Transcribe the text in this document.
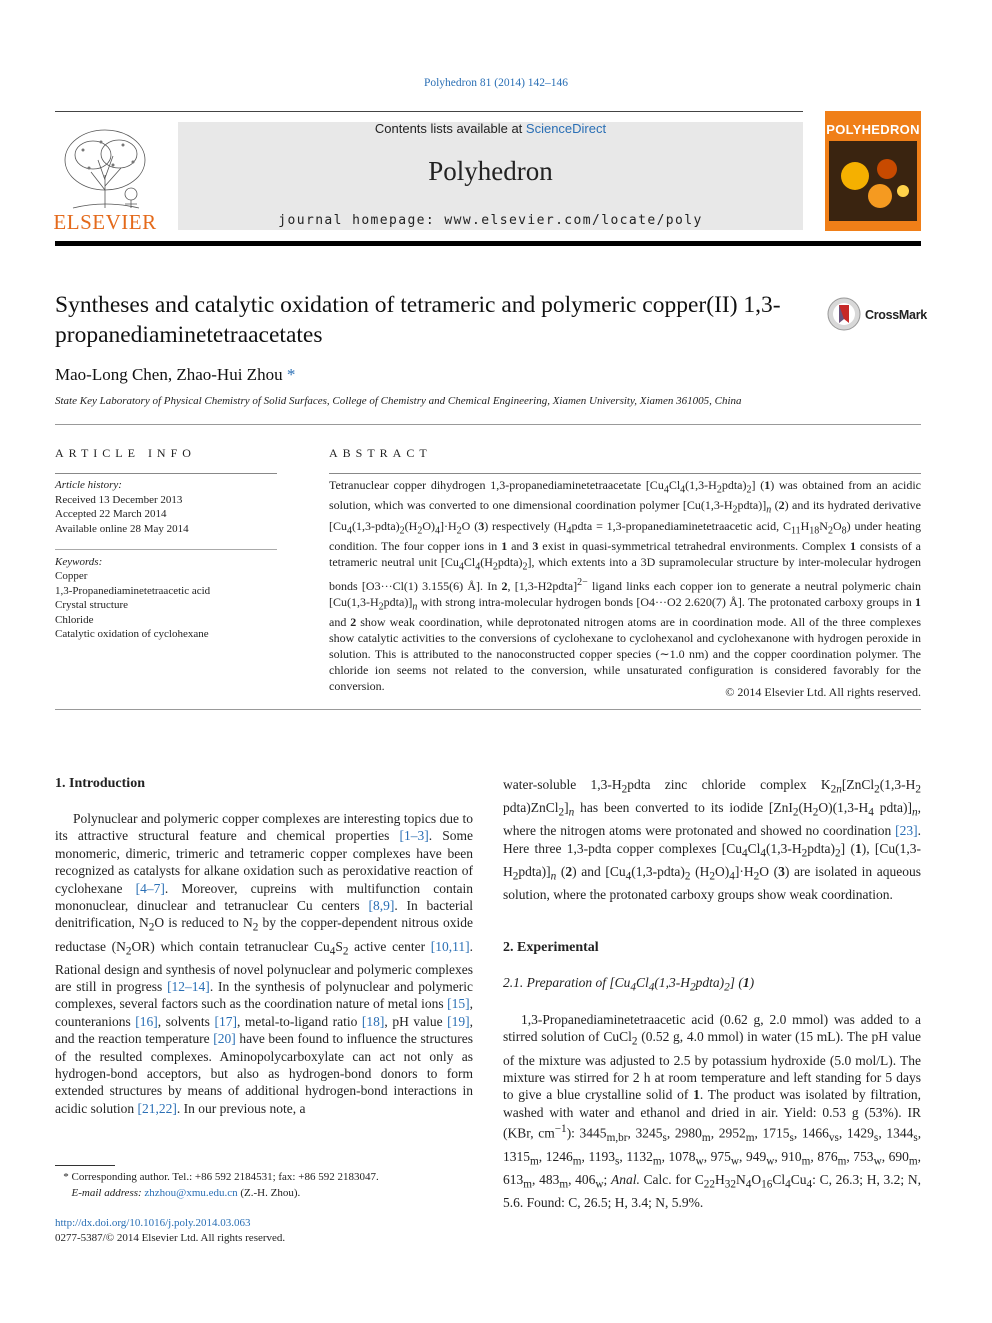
Polyhedron 81 (2014) 142–146
ELSEVIER
Contents lists available at ScienceDirect
Polyhedron
journal homepage: www.elsevier.com/locate/poly
POLYHEDRON
Syntheses and catalytic oxidation of tetrameric and polymeric copper(II) 1,3-propanediaminetetraacetates
CrossMark
Mao-Long Chen, Zhao-Hui Zhou *
State Key Laboratory of Physical Chemistry of Solid Surfaces, College of Chemistry and Chemical Engineering, Xiamen University, Xiamen 361005, China
ARTICLE INFO
Article history:
Received 13 December 2013
Accepted 22 March 2014
Available online 28 May 2014
Keywords:
Copper
1,3-Propanediaminetetraacetic acid
Crystal structure
Chloride
Catalytic oxidation of cyclohexane
ABSTRACT
Tetranuclear copper dihydrogen 1,3-propanediaminetetraacetate $[Cu_4Cl_4(1,3-H_2pdta)_2]$ (1) was obtained from an acidic solution, which was converted to one dimensional coordination polymer $[Cu(1,3-H_2pdta)]_n$ (2) and its hydrated derivative $[Cu_4(1,3-pdta)_2(H_2O)_4]\cdot H_2O$ (3) respectively ($H_4pdta$ = 1,3-propanediaminetetraacetic acid, $C_{11}H_{18}N_2O_8$) under heating condition. The four copper ions in 1 and 3 exist in quasi-symmetrical tetrahedral environments. Complex 1 consists of a tetrameric neutral unit $[Cu_4Cl_4(H_2pdta)_2]$, which extents into a 3D supramolecular structure by inter-molecular hydrogen bonds [O3···Cl(1) 3.155(6) Å]. In 2, [1,3-H2pdta]$^{2-}$ ligand links each copper ion to generate a neutral polymeric chain $[Cu(1,3-H_2pdta)]_n$ with strong intra-molecular hydrogen bonds [O4···O2 2.620(7) Å]. The protonated carboxy groups in 1 and 2 show weak coordination, while deprotonated nitrogen atoms are in coordination mode. All of the three complexes show catalytic activities to the conversions of cyclohexane to cyclohexanol and cyclohexanone with hydrogen peroxide in solution. This is attributed to the nanoconstructed copper species (∼1.0 nm) and the copper coordination polymer. The chloride ion seems not related to the conversion, while unsaturated configuration is considered favorably for the conversion.	© 2014 Elsevier Ltd. All rights reserved.
1. Introduction
Polynuclear and polymeric copper complexes are interesting topics due to its attractive structural feature and chemical properties [1–3]. Some monomeric, dimeric, trimeric and tetrameric copper complexes have been recognized as catalysts for alkane oxidation such as peroxidative reaction of cyclohexane [4–7]. Moreover, cupreins with multifunction contain mononuclear, dinuclear and tetranuclear Cu centers [8,9]. In bacterial denitrification, $N_2O$ is reduced to $N_2$ by the copper-dependent nitrous oxide reductase $(N_2OR)$ which contain tetranuclear $Cu_4S_2$ active center [10,11]. Rational design and synthesis of novel polynuclear and polymeric complexes are still in progress [12–14]. In the synthesis of polynuclear and polymeric complexes, several factors such as the coordination nature of metal ions [15], counteranions [16], solvents [17], metal-to-ligand ratio [18], pH value [19], and the reaction temperature [20] have been found to influence the structures of the resulted complexes. Aminopolycarboxylate can act not only as hydrogen-bond acceptors, but also as hydrogen-bond donors to form extended structures by means of additional hydrogen-bond interactions in acidic solution [21,22]. In our previous note, a
water-soluble $1,3-H_2pdta$ zinc chloride complex $K_{2n}[ZnCl_2(1,3-H_2$ $pdta)ZnCl_2]_n$ has been converted to its iodide [$ZnI_2(H_2O)(1,3-H_4$ $pdta)]_n$, where the nitrogen atoms were protonated and showed no coordination [23]. Here three 1,3-pdta copper complexes $[Cu_4Cl_4(1,3-H_2pdta)_2]$ (1), $[Cu(1,3-H_2pdta)]_n$ (2) and [$Cu_4(1,3-pdta)_2$ $(H_2O)_4]\cdot H_2O$ (3) are isolated in aqueous solution, where the protonated carboxy groups show weak coordination.
2. Experimental
2.1. Preparation of $[Cu_4Cl_4(1,3-H_2pdta)_2]$ (1)
1,3-Propanediaminetetraacetic acid (0.62 g, 2.0 mmol) was added to a stirred solution of CuCl$_2$ (0.52 g, 4.0 mmol) in water (15 mL). The pH value of the mixture was adjusted to 2.5 by potassium hydroxide (5.0 mol/L). The mixture was stirred for 2 h at room temperature and left standing for 5 days to give a blue crystalline solid of 1. The product was isolated by filtration, washed with water and ethanol and dried in air. Yield: 0.53 g (53%). IR (KBr, $cm^{-1}$): $3445_{m,br}$, $3245_s$, $2980_m$, $2952_m$, $1715_s$, $1466_{vs}$, $1429_s$, $1344_s$, $1315_m$, $1246_m$, $1193_s$, $1132_m$, $1078_w$, $975_w$, $949_w$, $910_m$, $876_m$, $753_w$, $690_m$, $613_m$, $483_m$, $406_w$; Anal. Calc. for $C_{22}H_{32}N_4O_{16}Cl_4Cu_4$: C, 26.3; H, 3.2; N, 5.6. Found: C, 26.5; H, 3.4; N, 5.9%.
* Corresponding author. Tel.: +86 592 2184531; fax: +86 592 2183047.
E-mail address: zhzhou@xmu.edu.cn (Z.-H. Zhou).
http://dx.doi.org/10.1016/j.poly.2014.03.063
0277-5387/© 2014 Elsevier Ltd. All rights reserved.
